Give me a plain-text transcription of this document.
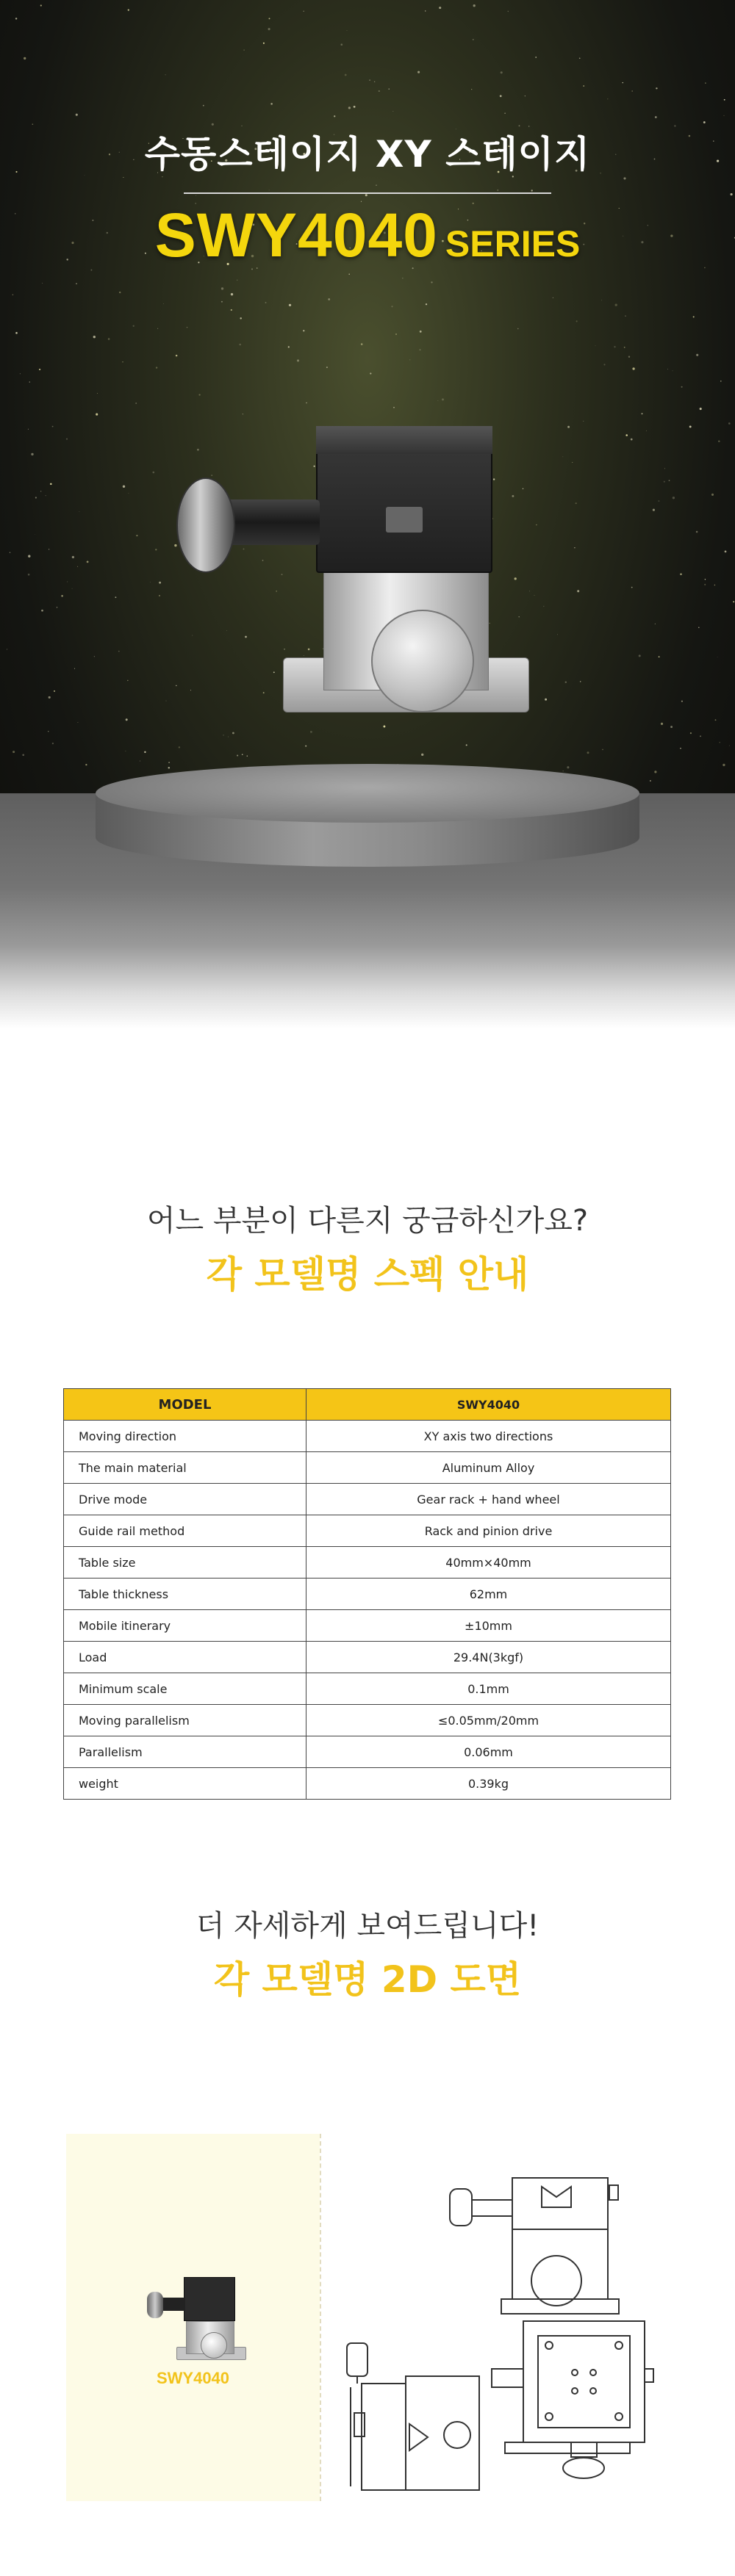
수동스테이지 XY 스테이지
SWY4040 SERIES
어느 부분이 다른지 궁금하신가요?
각 모델명 스펙 안내
MODEL	SWY4040
Moving direction	XY axis two directions
The main material	Aluminum Alloy
Drive mode	Gear rack + hand wheel
Guide rail method	Rack and pinion drive
Table size	40mm×40mm
Table thickness	62mm
Mobile itinerary	±10mm
Load	29.4N(3kgf)
Minimum scale	0.1mm
Moving parallelism	≤0.05mm/20mm
Parallelism	0.06mm
weight	0.39kg
더 자세하게 보여드립니다!
각 모델명 2D 도면
SWY4040
